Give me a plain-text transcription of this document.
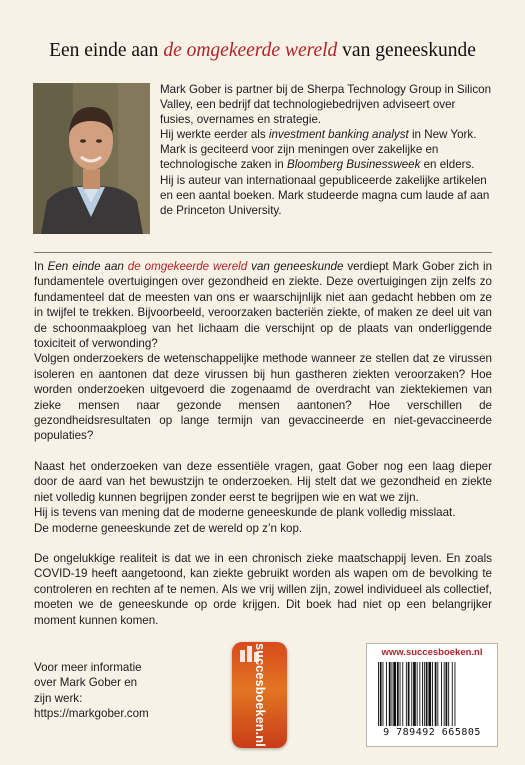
Een einde aan de omgekeerde wereld van geneeskunde

Mark Gober is partner bij de Sherpa Technology Group in Silicon Valley, een bedrijf dat technologiebedrijven adviseert over fusies, overnames en strategie.

Hij werkte eerder als investment banking analyst in New York.

Mark is geciteerd voor zijn meningen over zakelijke en technologische zaken in Bloomberg Businessweek en elders.

Hij is auteur van internationaal gepubliceerde zakelijke artikelen en een aantal boeken. Mark studeerde magna cum laude af aan de Princeton University.

In Een einde aan de omgekeerde wereld van geneeskunde verdiept Mark Gober zich in fundamentele overtuigingen over gezondheid en ziekte. Deze overtuigingen zijn zelfs zo fundamenteel dat de meesten van ons er waarschijnlijk niet aan gedacht hebben om ze in twijfel te trekken. Bijvoorbeeld, veroorzaken bacteriën ziekte, of maken ze deel uit van de schoonmaakploeg van het lichaam die verschijnt op de plaats van onderliggende toxiciteit of verwonding?

Volgen onderzoekers de wetenschappelijke methode wanneer ze stellen dat ze virussen isoleren en aantonen dat deze virussen bij hun gastheren ziekten veroorzaken? Hoe worden onderzoeken uitgevoerd die zogenaamd de overdracht van ziektekiemen van zieke mensen naar gezonde mensen aantonen? Hoe verschillen de gezondheidsresultaten op lange termijn van gevaccineerde en niet-gevaccineerde populaties?

Naast het onderzoeken van deze essentiële vragen, gaat Gober nog een laag dieper door de aard van het bewustzijn te onderzoeken. Hij stelt dat we gezondheid en ziekte niet volledig kunnen begrijpen zonder eerst te begrijpen wie en wat we zijn.

Hij is tevens van mening dat de moderne geneeskunde de plank volledig misslaat.

De moderne geneeskunde zet de wereld op z’n kop.

De ongelukkige realiteit is dat we in een chronisch zieke maatschappij leven. En zoals COVID-19 heeft aangetoond, kan ziekte gebruikt worden als wapen om de bevolking te controleren en rechten af te nemen. Als we vrij willen zijn, zowel individueel als collectief, moeten we de geneeskunde op orde krijgen. Dit boek had niet op een belangrijker moment kunnen komen.

Voor meer informatie
over Mark Gober en
zijn werk:
https://markgober.com	succesboeken.nl	www.succesboeken.nl
9 789492 665805
